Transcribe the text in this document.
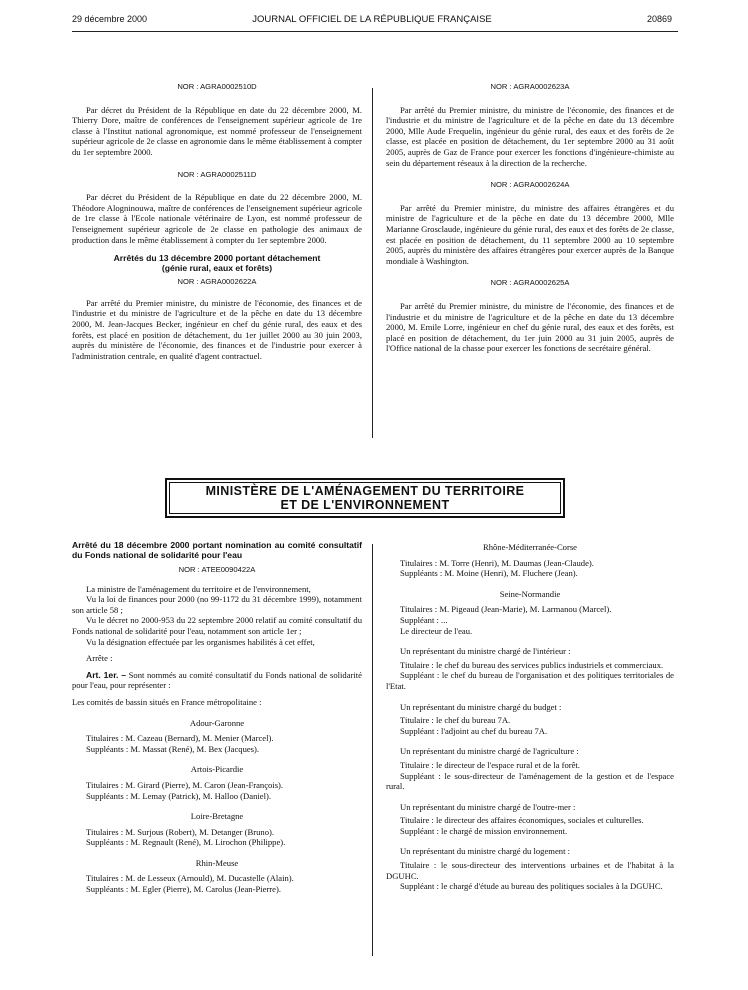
29 décembre 2000	JOURNAL OFFICIEL DE LA RÉPUBLIQUE FRANÇAISE	20869
NOR : AGRA0002510D

Par décret du Président de la République en date du 22 décembre 2000, M. Thierry Dore, maître de conférences de l'enseignement supérieur agricole de 1re classe à l'Institut national agronomique, est nommé professeur de l'enseignement supérieur agricole de 2e classe en agronomie dans le même établissement à compter du 1er septembre 2000.

NOR : AGRA0002511D

Par décret du Président de la République en date du 22 décembre 2000, M. Théodore Alogninouwa, maître de conférences de l'enseignement supérieur agricole de 1re classe à l'Ecole nationale vétérinaire de Lyon, est nommé professeur de l'enseignement supérieur agricole de 2e classe en pathologie des animaux de production dans le même établissement à compter du 1er septembre 2000.

Arrêtés du 13 décembre 2000 portant détachement
(génie rural, eaux et forêts)
NOR : AGRA0002622A

Par arrêté du Premier ministre, du ministre de l'économie, des finances et de l'industrie et du ministre de l'agriculture et de la pêche en date du 13 décembre 2000, M. Jean-Jacques Becker, ingénieur en chef du génie rural, des eaux et des forêts, est placé en position de détachement, du 1er juillet 2000 au 30 juin 2003, auprès du ministère de l'économie, des finances et de l'industrie pour exercer à l'administration centrale, en qualité d'agent contractuel.

NOR : AGRA0002623A

Par arrêté du Premier ministre, du ministre de l'économie, des finances et de l'industrie et du ministre de l'agriculture et de la pêche en date du 13 décembre 2000, Mlle Aude Frequelin, ingénieur du génie rural, des eaux et des forêts de 2e classe, est placée en position de détachement, du 1er septembre 2000 au 31 août 2005, auprès de Gaz de France pour exercer les fonctions d'ingénieure-chimiste au sein du département réseaux à la direction de la recherche.

NOR : AGRA0002624A

Par arrêté du Premier ministre, du ministre des affaires étrangères et du ministre de l'agriculture et de la pêche en date du 13 décembre 2000, Mlle Marianne Grosclaude, ingénieure du génie rural, des eaux et des forêts de 2e classe, est placée en position de détachement, du 11 septembre 2000 au 10 septembre 2005, auprès du ministère des affaires étrangères pour exercer auprès de la Banque mondiale à Washington.

NOR : AGRA0002625A

Par arrêté du Premier ministre, du ministre de l'économie, des finances et de l'industrie et du ministre de l'agriculture et de la pêche en date du 13 décembre 2000, M. Emile Lorre, ingénieur en chef du génie rural, des eaux et des forêts, est placé en position de détachement, du 1er juin 2000 au 31 juin 2005, auprès de l'Office national de la chasse pour exercer les fonctions de secrétaire général.

MINISTÈRE DE L'AMÉNAGEMENT DU TERRITOIRE
ET DE L'ENVIRONNEMENT
Arrêté du 18 décembre 2000 portant nomination au comité consultatif du Fonds national de solidarité pour l'eau
NOR : ATEE0090422A

La ministre de l'aménagement du territoire et de l'environnement,

Vu la loi de finances pour 2000 (no 99-1172 du 31 décembre 1999), notamment son article 58 ;

Vu le décret no 2000-953 du 22 septembre 2000 relatif au comité consultatif du Fonds national de solidarité pour l'eau, notamment son article 1er ;

Vu la désignation effectuée par les organismes habilités à cet effet,

Arrête :

Art. 1er. – Sont nommés au comité consultatif du Fonds national de solidarité pour l'eau, pour représenter :

Les comités de bassin situés en France métropolitaine :

Adour-Garonne

Titulaires : M. Cazeau (Bernard), M. Menier (Marcel).

Suppléants : M. Massat (René), M. Bex (Jacques).

Artois-Picardie

Titulaires : M. Girard (Pierre), M. Caron (Jean-François).

Suppléants : M. Lemay (Patrick), M. Halloo (Daniel).

Loire-Bretagne

Titulaires : M. Surjous (Robert), M. Detanger (Bruno).

Suppléants : M. Regnault (René), M. Lirochon (Philippe).

Rhin-Meuse

Titulaires : M. de Lesseux (Arnould), M. Ducastelle (Alain).

Suppléants : M. Egler (Pierre), M. Carolus (Jean-Pierre).

Rhône-Méditerranée-Corse

Titulaires : M. Torre (Henri), M. Daumas (Jean-Claude).

Suppléants : M. Moine (Henri), M. Fluchere (Jean).

Seine-Normandie

Titulaires : M. Pigeaud (Jean-Marie), M. Larmanou (Marcel).

Suppléant : ...

Le directeur de l'eau.

Un représentant du ministre chargé de l'intérieur :

Titulaire : le chef du bureau des services publics industriels et commerciaux.

Suppléant : le chef du bureau de l'organisation et des politiques territoriales de l'Etat.

Un représentant du ministre chargé du budget :

Titulaire : le chef du bureau 7A.

Suppléant : l'adjoint au chef du bureau 7A.

Un représentant du ministre chargé de l'agriculture :

Titulaire : le directeur de l'espace rural et de la forêt.

Suppléant : le sous-directeur de l'aménagement de la gestion et de l'espace rural.

Un représentant du ministre chargé de l'outre-mer :

Titulaire : le directeur des affaires économiques, sociales et culturelles.

Suppléant : le chargé de mission environnement.

Un représentant du ministre chargé du logement :

Titulaire : le sous-directeur des interventions urbaines et de l'habitat à la DGUHC.

Suppléant : le chargé d'étude au bureau des politiques sociales à la DGUHC.
